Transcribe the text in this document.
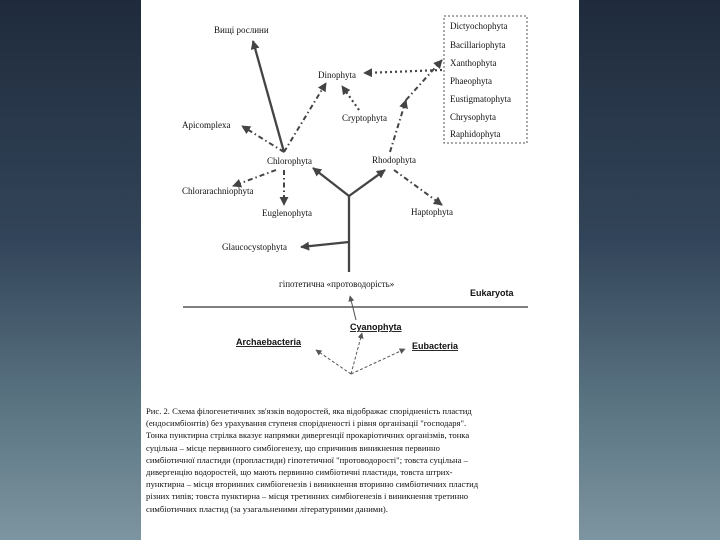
Dictyochophyta
Bacillariophyta
Xanthophyta
Phaeophyta
Eustigmatophyta
Chrysophyta
Raphidophyta
Вищі рослини
Dinophyta
Cryptophyta
Apicomplexa
Chlorophyta	Rhodophyta
Chlorarachniophyta
Euglenophyta	Haptophyta
Glaucocystophyta
гіпотетична «протоводорість»
Eukaryota
Cyanophyta
Archaebacteria	Eubacteria
Рис. 2. Схема філогенетичних зв'язків водоростей, яка відображає спорідненість пластид
(ендосимбіонтів) без урахування ступеня спорідненості і рівня організації "господаря".
Тонка пунктирна стрілка вказує напрямки дивергенції прокаріотичних організмів, тонка
суцільна – місце первинного симбіогенезу, що спричинив виникнення первинно
симбіотичної пластиди (пропластиди) гіпотетичної "протоводорості"; товста суцільна –
дивергенцію водоростей, що мають первинно симбіотичні пластиди, товста штрих-
пунктирна – місця вторинних симбіогенезів і виникнення вторинно симбіотичних пластид
різних типів; товста пунктирна – місця третинних симбіогенезів і виникнення третинно
симбіотичних пластид (за узагальненими літературними даними).
